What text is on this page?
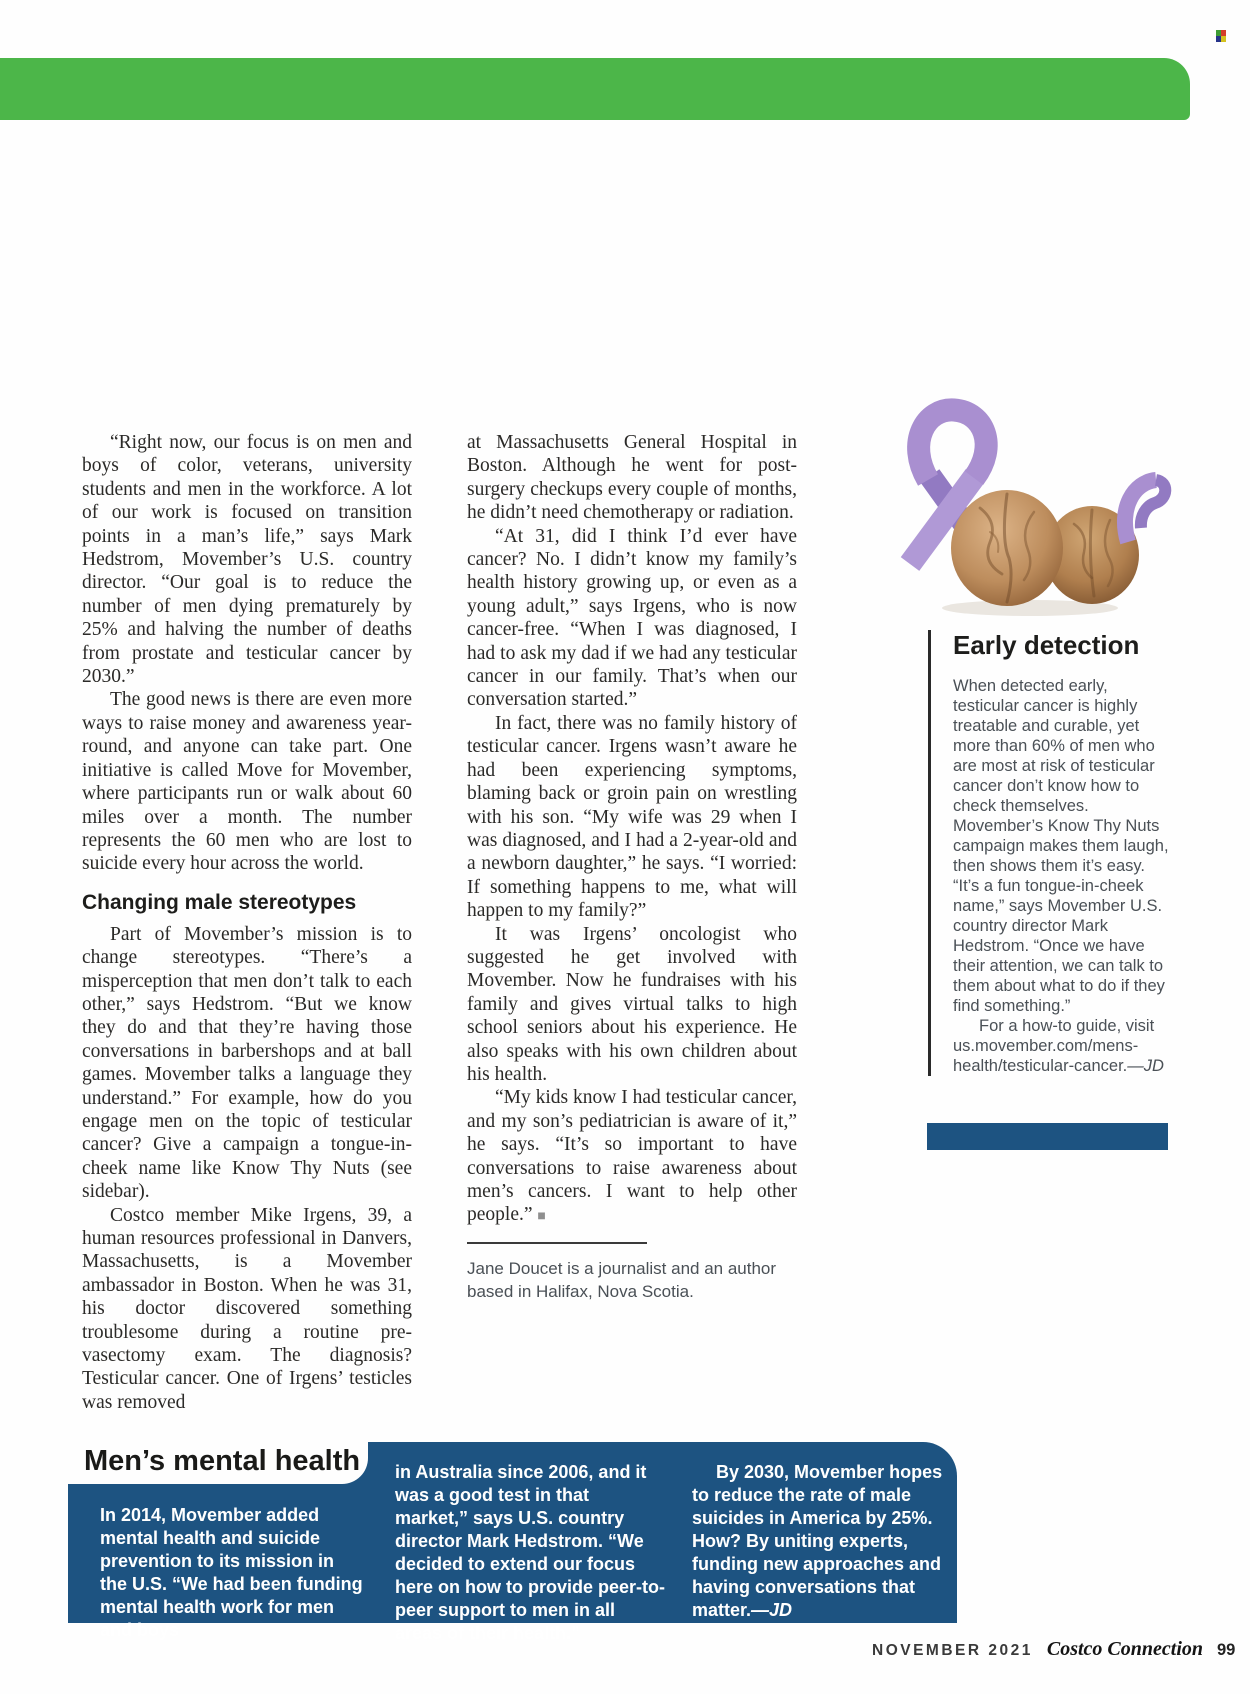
“Right now, our focus is on men and boys of color, veterans, university students and men in the workforce. A lot of our work is focused on transition points in a man’s life,” says Mark Hedstrom, Movember’s U.S. country director. “Our goal is to reduce the number of men dying prematurely by 25% and halving the number of deaths from prostate and testicular cancer by 2030.”

The good news is there are even more ways to raise money and awareness year-round, and anyone can take part. One initiative is called Move for Movember, where participants run or walk about 60 miles over a month. The number represents the 60 men who are lost to suicide every hour across the world.

Changing male stereotypes

Part of Movember’s mission is to change stereotypes. “There’s a misperception that men don’t talk to each other,” says Hedstrom. “But we know they do and that they’re having those conversations in barbershops and at ball games. Movember talks a language they understand.” For example, how do you engage men on the topic of testicular cancer? Give a campaign a tongue-in-cheek name like Know Thy Nuts (see sidebar).

Costco member Mike Irgens, 39, a human resources professional in Danvers, Massachusetts, is a Movember ambassador in Boston. When he was 31, his doctor discovered something troublesome during a routine pre-vasectomy exam. The diagnosis? Testicular cancer. One of Irgens’ testicles was removed

at Massachusetts General Hospital in Boston. Although he went for post-surgery checkups every couple of months, he didn’t need chemotherapy or radiation.

“At 31, did I think I’d ever have cancer? No. I didn’t know my family’s health history growing up, or even as a young adult,” says Irgens, who is now cancer-free. “When I was diagnosed, I had to ask my dad if we had any testicular cancer in our family. That’s when our conversation started.”

In fact, there was no family history of testicular cancer. Irgens wasn’t aware he had been experiencing symptoms, blaming back or groin pain on wrestling with his son. “My wife was 29 when I was diagnosed, and I had a 2-year-old and a newborn daughter,” he says. “I worried: If something happens to me, what will happen to my family?”

It was Irgens’ oncologist who suggested he get involved with Movember. Now he fundraises with his family and gives virtual talks to high school seniors about his experience. He also speaks with his own children about his health.

“My kids know I had testicular cancer, and my son’s pediatrician is aware of it,” he says. “It’s so important to have conversations to raise awareness about men’s cancers. I want to help other people.” ■

Jane Doucet is a journalist and an author based in Halifax, Nova Scotia.

Early detection

When detected early, testicular cancer is highly treatable and curable, yet more than 60% of men who are most at risk of testicular cancer don’t know how to check themselves. Movember’s Know Thy Nuts campaign makes them laugh, then shows them it’s easy. “It’s a fun tongue-in-cheek name,” says Movember U.S. country director Mark Hedstrom. “Once we have their attention, we can talk to them about what to do if they find something.”

For a how-to guide, visit us.movember.com/mens-health/testicular-cancer.—JD

Men’s mental health

In 2014, Movember added mental health and suicide prevention to its mission in the U.S. “We had been funding mental health work for men and boys

in Australia since 2006, and it was a good test in that market,” says U.S. country director Mark Hedstrom. “We decided to extend our focus here on how to provide peer-to-peer support to men in all areas of their health.”

By 2030, Movember hopes to reduce the rate of male suicides in America by 25%. How? By uniting experts, funding new approaches and having conversations that matter.—JD

NOVEMBER 2021 Costco Connection 99
